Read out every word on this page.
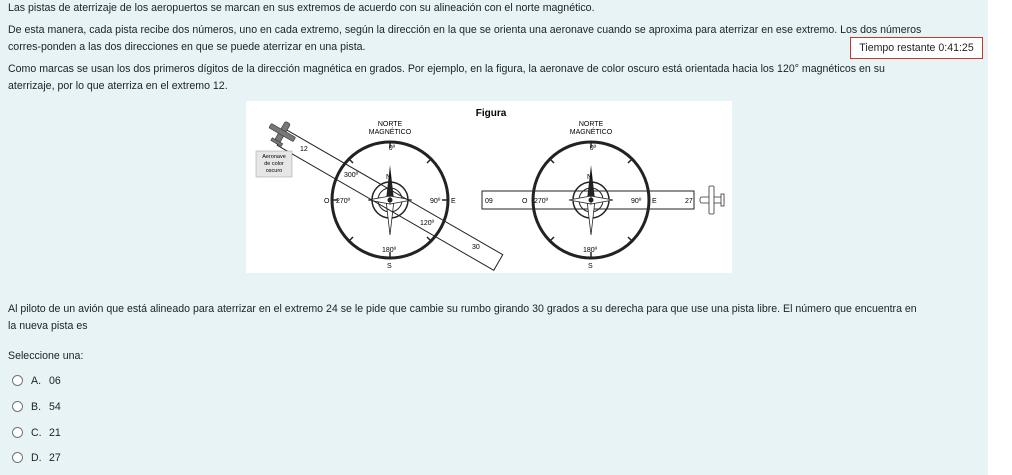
Las pistas de aterrizaje de los aeropuertos se marcan en sus extremos de acuerdo con su alineación con el norte magnético.

De esta manera, cada pista recibe dos números, uno en cada extremo, según la dirección en la que se orienta una aeronave cuando se aproxima para aterrizar en ese extremo. Los dos números

corres-ponden a las dos direcciones en que se puede aterrizar en una pista.

Como marcas se usan los dos primeros dígitos de la dirección magnética en grados. Por ejemplo, en la figura, la aeronave de color oscuro está orientada hacia los 120° magnéticos en su

aterrizaje, por lo que aterriza en el extremo 12.

Figura
NORTE
MAGNÉTICO
0º
300º
O 270º	90º E
180º
S
N
12
30
120º
Aeronave
de color
oscuro
NORTE
MAGNÉTICO
0º
09	O 270º	90º E	27
180º
S
N

Al piloto de un avión que está alineado para aterrizar en el extremo 24 se le pide que cambie su rumbo girando 30 grados a su derecha para que use una pista libre. El número que encuentra en

la nueva pista es

Seleccione una:

A. 06
B. 54
C. 21
D. 27
Tiempo restante 0:41:25
